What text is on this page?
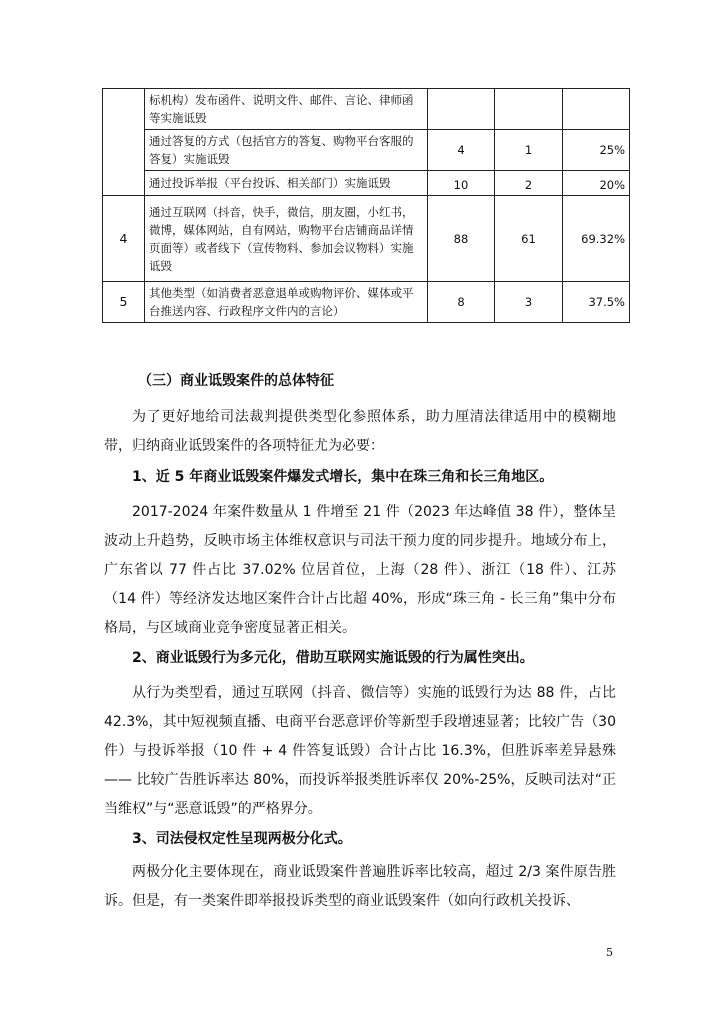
	标机构）发布函件、说明文件、邮件、言论、律师函等实施诋毁			
	通过答复的方式（包括官方的答复、购物平台客服的答复）实施诋毁	4	1	25%
	通过投诉举报（平台投诉、相关部门）实施诋毁	10	2	20%
4	通过互联网（抖音，快手，微信，朋友圈，小红书，微博，媒体网站，自有网站，购物平台店铺商品详情页面等）或者线下（宣传物料、参加会议物料）实施诋毁	88	61	69.32%
5	其他类型（如消费者恶意退单或购物评价、媒体或平台推送内容、行政程序文件内的言论）	8	3	37.5%
（三）商业诋毁案件的总体特征

为了更好地给司法裁判提供类型化参照体系，助力厘清法律适用中的模糊地带，归纳商业诋毁案件的各项特征尤为必要：

1、近 5 年商业诋毁案件爆发式增长，集中在珠三角和长三角地区。

2017-2024 年案件数量从 1 件增至 21 件（2023 年达峰值 38 件），整体呈波动上升趋势，反映市场主体维权意识与司法干预力度的同步提升。地域分布上，广东省以 77 件占比 37.02% 位居首位，上海（28 件）、浙江（18 件）、江苏（14 件）等经济发达地区案件合计占比超 40%，形成“珠三角 - 长三角”集中分布格局，与区域商业竞争密度显著正相关。

2、商业诋毁行为多元化，借助互联网实施诋毁的行为属性突出。

从行为类型看，通过互联网（抖音、微信等）实施的诋毁行为达 88 件，占比 42.3%，其中短视频直播、电商平台恶意评价等新型手段增速显著；比较广告（30 件）与投诉举报（10 件 + 4 件答复诋毁）合计占比 16.3%，但胜诉率差异悬殊 —— 比较广告胜诉率达 80%，而投诉举报类胜诉率仅 20%-25%，反映司法对“正当维权”与“恶意诋毁”的严格界分。

3、司法侵权定性呈现两极分化式。

两极分化主要体现在，商业诋毁案件普遍胜诉率比较高，超过 2/3 案件原告胜诉。但是，有一类案件即举报投诉类型的商业诋毁案件（如向行政机关投诉、

5
